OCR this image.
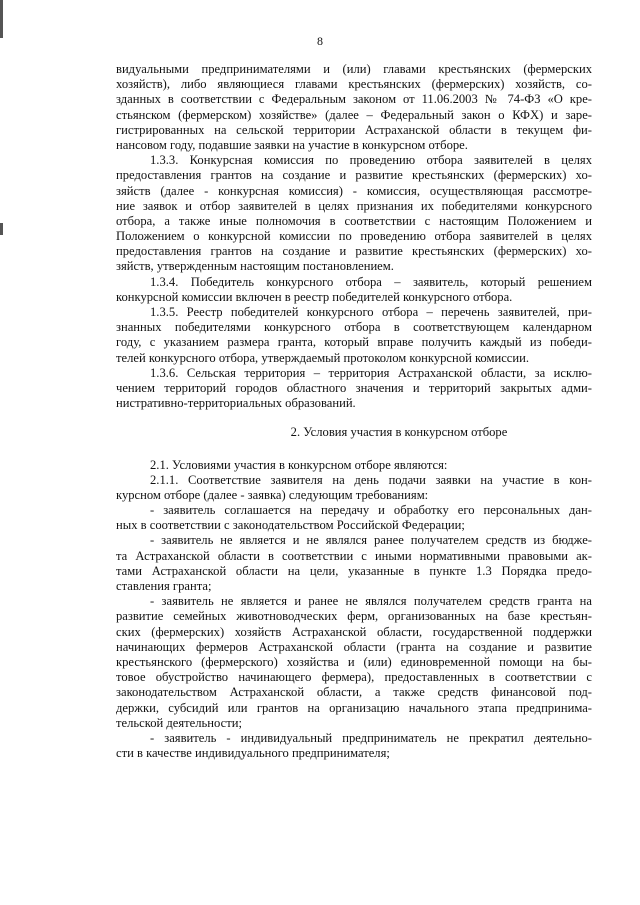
8
видуальными предпринимателями и (или) главами крестьянских (фермерских
хозяйств), либо являющиеся главами крестьянских (фермерских) хозяйств, со-
зданных в соответствии с Федеральным законом от 11.06.2003 № 74-ФЗ «О кре-
стьянском (фермерском) хозяйстве» (далее – Федеральный закон о КФХ) и заре-
гистрированных на сельской территории Астраханской области в текущем фи-
нансовом году, подавшие заявки на участие в конкурсном отборе.
1.3.3. Конкурсная комиссия по проведению отбора заявителей в целях
предоставления грантов на создание и развитие крестьянских (фермерских) хо-
зяйств (далее - конкурсная комиссия) - комиссия, осуществляющая рассмотре-
ние заявок и отбор заявителей в целях признания их победителями конкурсного
отбора, а также иные полномочия в соответствии с настоящим Положением и
Положением о конкурсной комиссии по проведению отбора заявителей в целях
предоставления грантов на создание и развитие крестьянских (фермерских) хо-
зяйств, утвержденным настоящим постановлением.
1.3.4. Победитель конкурсного отбора – заявитель, который решением
конкурсной комиссии включен в реестр победителей конкурсного отбора.
1.3.5. Реестр победителей конкурсного отбора – перечень заявителей, при-
знанных победителями конкурсного отбора в соответствующем календарном
году, с указанием размера гранта, который вправе получить каждый из победи-
телей конкурсного отбора, утверждаемый протоколом конкурсной комиссии.
1.3.6. Сельская территория – территория Астраханской области, за исклю-
чением территорий городов областного значения и территорий закрытых адми-
нистративно-территориальных образований.
2. Условия участия в конкурсном отборе
2.1. Условиями участия в конкурсном отборе являются:
2.1.1. Соответствие заявителя на день подачи заявки на участие в кон-
курсном отборе (далее - заявка) следующим требованиям:
- заявитель соглашается на передачу и обработку его персональных дан-
ных в соответствии с законодательством Российской Федерации;
- заявитель не является и не являлся ранее получателем средств из бюдже-
та Астраханской области в соответствии с иными нормативными правовыми ак-
тами Астраханской области на цели, указанные в пункте 1.3 Порядка предо-
ставления гранта;
- заявитель не является и ранее не являлся получателем средств гранта на
развитие семейных животноводческих ферм, организованных на базе крестьян-
ских (фермерских) хозяйств Астраханской области, государственной поддержки
начинающих фермеров Астраханской области (гранта на создание и развитие
крестьянского (фермерского) хозяйства и (или) единовременной помощи на бы-
товое обустройство начинающего фермера), предоставленных в соответствии с
законодательством Астраханской области, а также средств финансовой под-
держки, субсидий или грантов на организацию начального этапа предпринима-
тельской деятельности;
- заявитель - индивидуальный предприниматель не прекратил деятельно-
сти в качестве индивидуального предпринимателя;
